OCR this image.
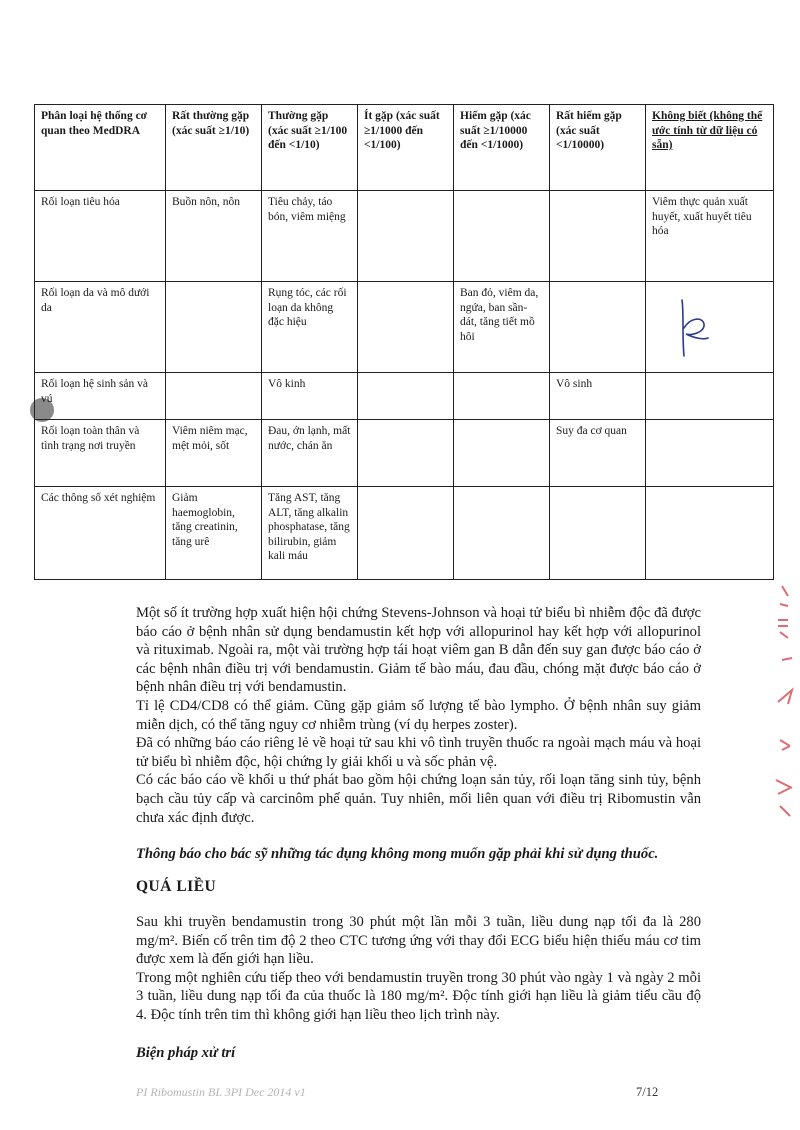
Phân loại hệ thống cơ quan theo MedDRA	Rất thường gặp (xác suất ≥1/10)	Thường gặp (xác suất ≥1/100 đến <1/10)	Ít gặp (xác suất ≥1/1000 đến <1/100)	Hiếm gặp (xác suất ≥1/10000 đến <1/1000)	Rất hiếm gặp (xác suất <1/10000)	Không biết (không thể ước tính từ dữ liệu có sẵn)
Rối loạn tiêu hóa	Buồn nôn, nôn	Tiêu chảy, táo bón, viêm miệng				Viêm thực quản xuất huyết, xuất huyết tiêu hóa
Rối loạn da và mô dưới da		Rụng tóc, các rối loạn da không đặc hiệu		Ban đỏ, viêm da, ngứa, ban sần-dát, tăng tiết mồ hôi		
Rối loạn hệ sinh sản và vú		Vô kinh			Vô sinh	
Rối loạn toàn thân và tình trạng nơi truyền	Viêm niêm mạc, mệt mỏi, sốt	Đau, ớn lạnh, mất nước, chán ăn			Suy đa cơ quan	
Các thông số xét nghiệm	Giảm haemoglobin, tăng creatinin, tăng urê	Tăng AST, tăng ALT, tăng alkalin phosphatase, tăng bilirubin, giảm kali máu				

Một số ít trường hợp xuất hiện hội chứng Stevens-Johnson và hoại tử biểu bì nhiễm độc đã được báo cáo ở bệnh nhân sử dụng bendamustin kết hợp với allopurinol hay kết hợp với allopurinol và rituximab. Ngoài ra, một vài trường hợp tái hoạt viêm gan B dẫn đến suy gan được báo cáo ở các bệnh nhân điều trị với bendamustin. Giảm tế bào máu, đau đầu, chóng mặt được báo cáo ở bệnh nhân điều trị với bendamustin.

Tỉ lệ CD4/CD8 có thể giảm. Cũng gặp giảm số lượng tế bào lympho. Ở bệnh nhân suy giảm miễn dịch, có thể tăng nguy cơ nhiễm trùng (ví dụ herpes zoster).

Đã có những báo cáo riêng lẻ về hoại tử sau khi vô tình truyền thuốc ra ngoài mạch máu và hoại tử biểu bì nhiễm độc, hội chứng ly giải khối u và sốc phản vệ.

Có các báo cáo về khối u thứ phát bao gồm hội chứng loạn sản tủy, rối loạn tăng sinh tủy, bệnh bạch cầu tủy cấp và carcinôm phế quản. Tuy nhiên, mối liên quan với điều trị Ribomustin vẫn chưa xác định được.

Thông báo cho bác sỹ những tác dụng không mong muốn gặp phải khi sử dụng thuốc.
QUÁ LIỀU

Sau khi truyền bendamustin trong 30 phút một lần mỗi 3 tuần, liều dung nạp tối đa là 280 mg/m². Biến cố trên tim độ 2 theo CTC tương ứng với thay đổi ECG biểu hiện thiếu máu cơ tim được xem là đến giới hạn liều.

Trong một nghiên cứu tiếp theo với bendamustin truyền trong 30 phút vào ngày 1 và ngày 2 mỗi 3 tuần, liều dung nạp tối đa của thuốc là 180 mg/m². Độc tính giới hạn liều là giảm tiểu cầu độ 4. Độc tính trên tim thì không giới hạn liều theo lịch trình này.

Biện pháp xử trí
PI Ribomustin BL 3PI Dec 2014 v1	7/12
